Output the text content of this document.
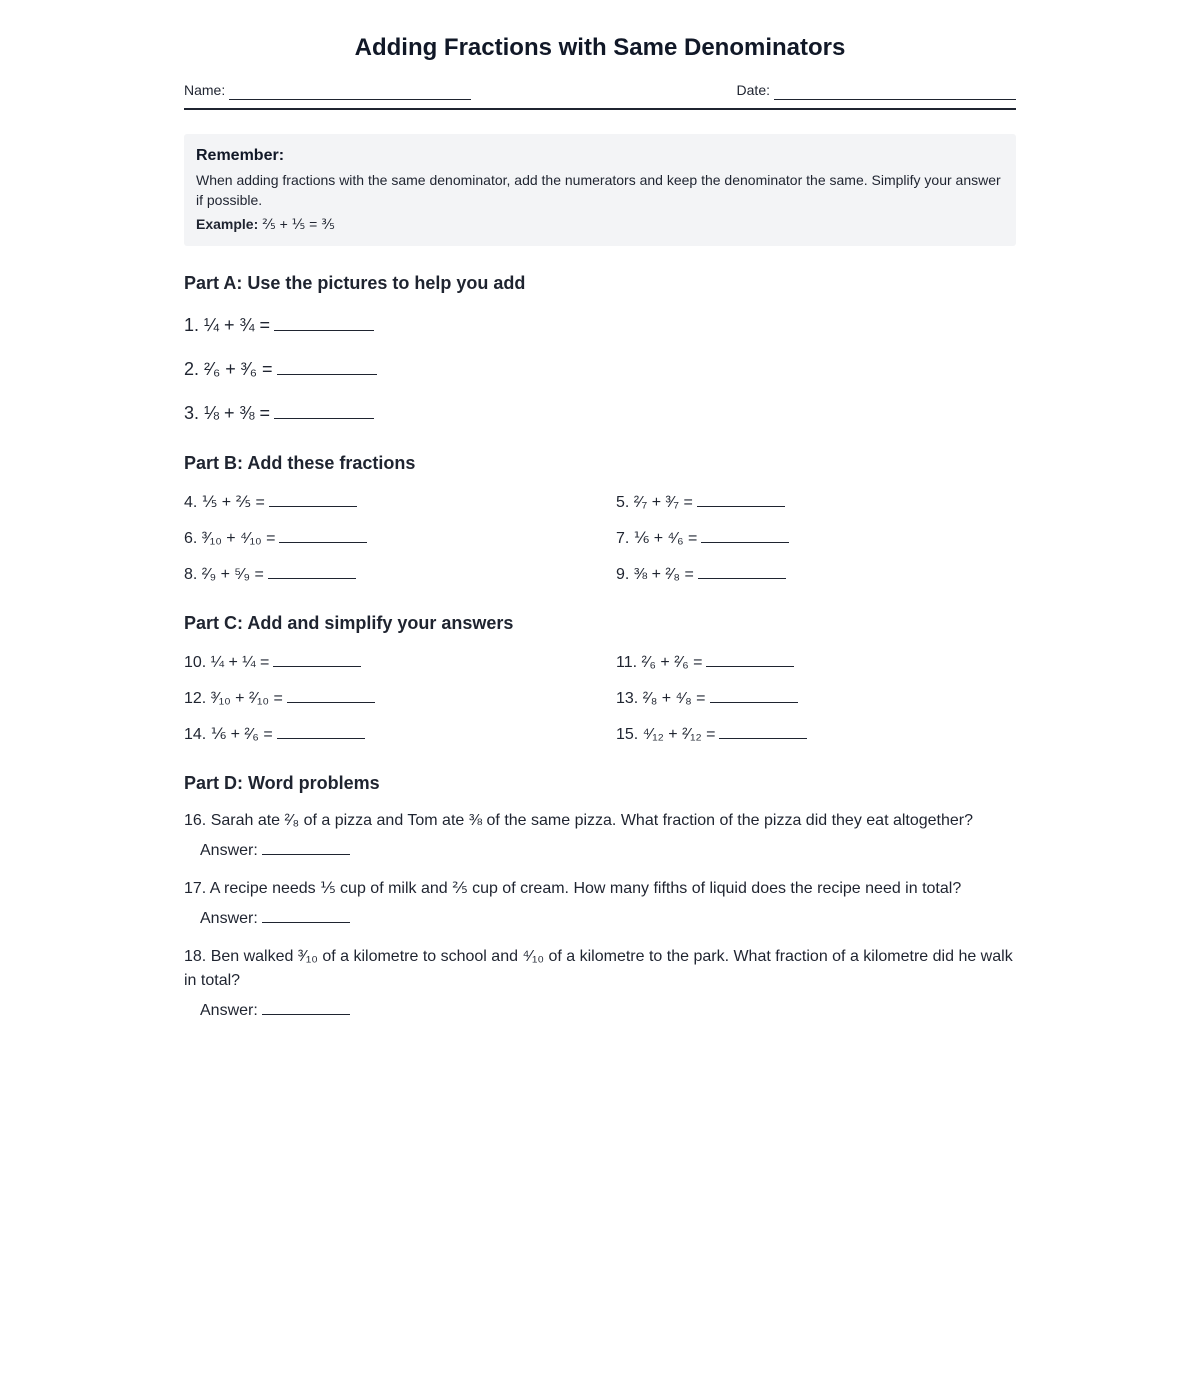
Adding Fractions with Same Denominators
Name:	Date:
Remember:
When adding fractions with the same denominator, add the numerators and keep the denominator the same. Simplify your answer if possible.
Example: ⅖ + ⅕ = ⅗
Part A: Use the pictures to help you add
1. ¼ + ¾ =
2. ²⁄₆ + ³⁄₆ =
3. ⅛ + ⅜ =
Part B: Add these fractions
4. ⅕ + ⅖ =	5. ²⁄₇ + ³⁄₇ =
6. ³⁄₁₀ + ⁴⁄₁₀ =	7. ⅙ + ⁴⁄₆ =
8. ²⁄₉ + ⁵⁄₉ =	9. ⅜ + ²⁄₈ =
Part C: Add and simplify your answers
10. ¼ + ¼ =	11. ²⁄₆ + ²⁄₆ =
12. ³⁄₁₀ + ²⁄₁₀ =	13. ²⁄₈ + ⁴⁄₈ =
14. ⅙ + ²⁄₆ =	15. ⁴⁄₁₂ + ²⁄₁₂ =
Part D: Word problems
16. Sarah ate ²⁄₈ of a pizza and Tom ate ⅜ of the same pizza. What fraction of the pizza did they eat altogether?
Answer:
17. A recipe needs ⅕ cup of milk and ⅖ cup of cream. How many fifths of liquid does the recipe need in total?
Answer:
18. Ben walked ³⁄₁₀ of a kilometre to school and ⁴⁄₁₀ of a kilometre to the park. What fraction of a kilometre did he walk in total?
Answer:
